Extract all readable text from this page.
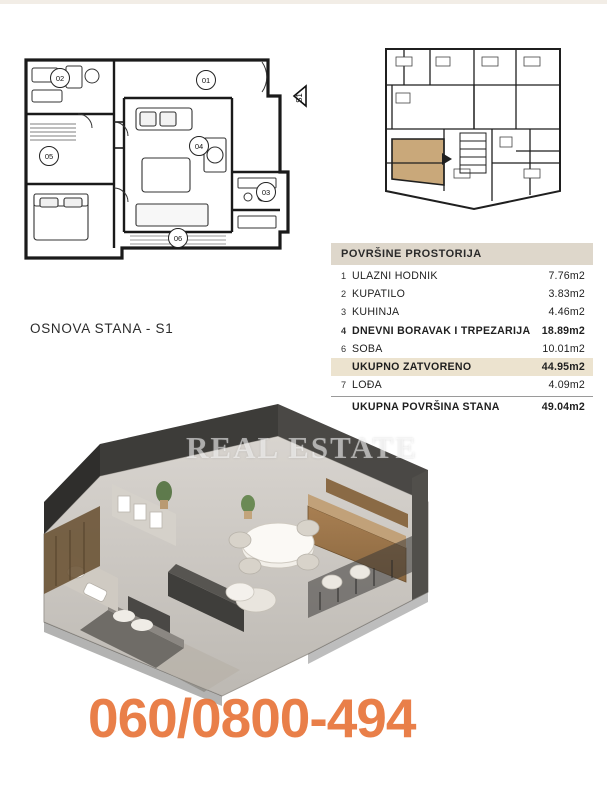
01
02
03
04
05
06
S1
OSNOVA STANA - S1
POVRŠINE PROSTORIJA
1 ULAZNI HODNIK	7.76m2
2 KUPATILO	3.83m2
3 KUHINJA	4.46m2
4 DNEVNI BORAVAK I TRPEZARIJA	18.89m2
6 SOBA	10.01m2
UKUPNO ZATVORENO	44.95m2
7 LOĐA	4.09m2
UKUPNA POVRŠINA STANA	49.04m2
REAL ESTATE
060/0800-494
